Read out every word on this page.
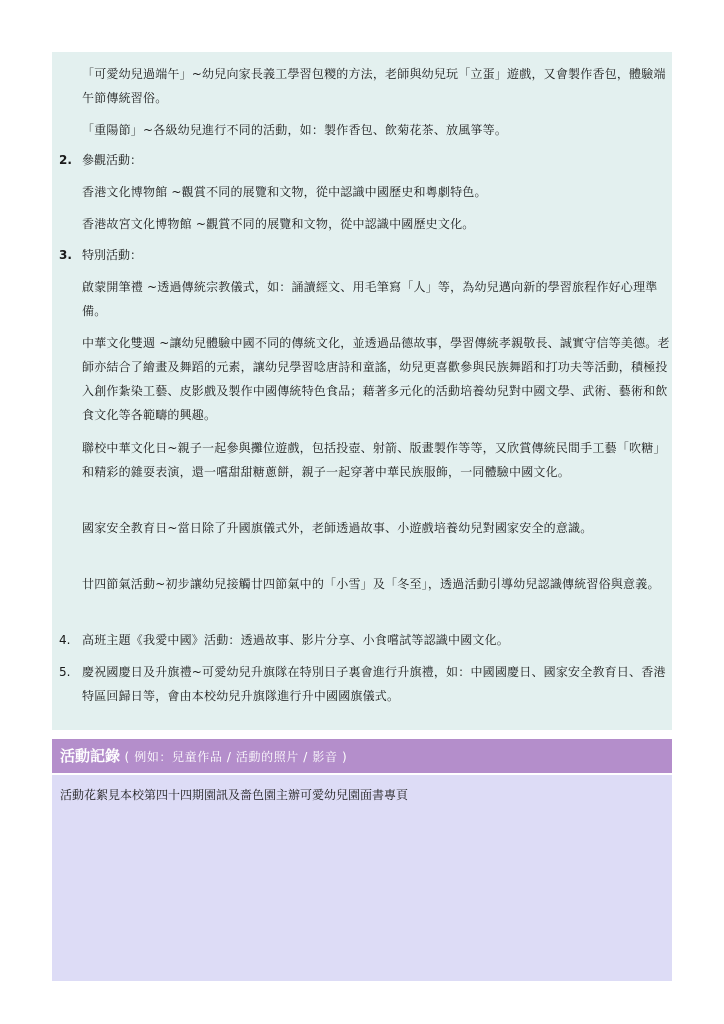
「可愛幼兒過端午」~幼兒向家長義工學習包糭的方法，老師與幼兒玩「立蛋」遊戲，又會製作香包，體驗端午節傳統習俗。

「重陽節」~各級幼兒進行不同的活動，如：製作香包、飲菊花茶、放風箏等。

2. 參觀活動：

香港文化博物館 ~觀賞不同的展覽和文物，從中認識中國歷史和粵劇特色。

香港故宮文化博物館 ~觀賞不同的展覽和文物，從中認識中國歷史文化。

3. 特別活動：

啟蒙開筆禮 ~透過傳統宗教儀式，如：誦讀經文、用毛筆寫「人」等，為幼兒邁向新的學習旅程作好心理準備。

中華文化雙週 ~讓幼兒體驗中國不同的傳統文化，並透過品德故事，學習傳統孝親敬長、誠實守信等美德。老師亦結合了繪畫及舞蹈的元素，讓幼兒學習唸唐詩和童謠，幼兒更喜歡參與民族舞蹈和打功夫等活動，積極投入創作紮染工藝、皮影戲及製作中國傳統特色食品；藉著多元化的活動培養幼兒對中國文學、武術、藝術和飲食文化等各範疇的興趣。

聯校中華文化日~親子一起參與攤位遊戲，包括投壺、射箭、版畫製作等等，又欣賞傳統民間手工藝「吹糖」和精彩的雜耍表演，還一嚐甜甜糖蔥餅，親子一起穿著中華民族服飾，一同體驗中國文化。

國家安全教育日~當日除了升國旗儀式外，老師透過故事、小遊戲培養幼兒對國家安全的意識。

廿四節氣活動~初步讓幼兒接觸廿四節氣中的「小雪」及「冬至」，透過活動引導幼兒認識傳統習俗與意義。

4. 高班主題《我愛中國》活動：透過故事、影片分享、小食嚐試等認識中國文化。

5. 慶祝國慶日及升旗禮~可愛幼兒升旗隊在特別日子裏會進行升旗禮，如：中國國慶日、國家安全教育日、香港特區回歸日等，會由本校幼兒升旗隊進行升中國國旗儀式。

活動記錄 ( 例如：兒童作品 / 活動的照片 / 影音 )
活動花絮見本校第四十四期園訊及嗇色園主辦可愛幼兒園面書專頁
